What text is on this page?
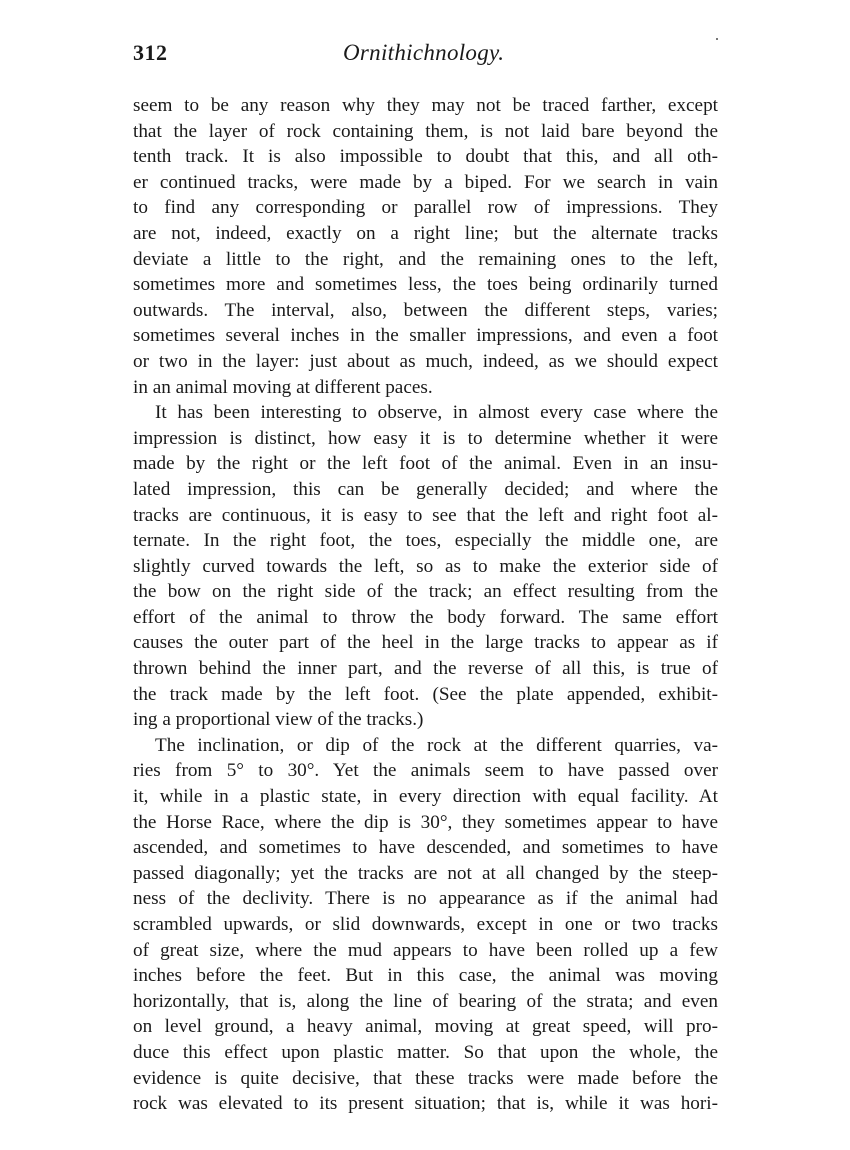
312	Ornithichnology.
seem to be any reason why they may not be traced farther, except
that the layer of rock containing them, is not laid bare beyond the
tenth track. It is also impossible to doubt that this, and all oth-
er continued tracks, were made by a biped. For we search in vain
to find any corresponding or parallel row of impressions. They
are not, indeed, exactly on a right line; but the alternate tracks
deviate a little to the right, and the remaining ones to the left,
sometimes more and sometimes less, the toes being ordinarily turned
outwards. The interval, also, between the different steps, varies;
sometimes several inches in the smaller impressions, and even a foot
or two in the layer: just about as much, indeed, as we should expect
in an animal moving at different paces.
It has been interesting to observe, in almost every case where the
impression is distinct, how easy it is to determine whether it were
made by the right or the left foot of the animal. Even in an insu-
lated impression, this can be generally decided; and where the
tracks are continuous, it is easy to see that the left and right foot al-
ternate. In the right foot, the toes, especially the middle one, are
slightly curved towards the left, so as to make the exterior side of
the bow on the right side of the track; an effect resulting from the
effort of the animal to throw the body forward. The same effort
causes the outer part of the heel in the large tracks to appear as if
thrown behind the inner part, and the reverse of all this, is true of
the track made by the left foot. (See the plate appended, exhibit-
ing a proportional view of the tracks.)
The inclination, or dip of the rock at the different quarries, va-
ries from 5° to 30°. Yet the animals seem to have passed over
it, while in a plastic state, in every direction with equal facility. At
the Horse Race, where the dip is 30°, they sometimes appear to have
ascended, and sometimes to have descended, and sometimes to have
passed diagonally; yet the tracks are not at all changed by the steep-
ness of the declivity. There is no appearance as if the animal had
scrambled upwards, or slid downwards, except in one or two tracks
of great size, where the mud appears to have been rolled up a few
inches before the feet. But in this case, the animal was moving
horizontally, that is, along the line of bearing of the strata; and even
on level ground, a heavy animal, moving at great speed, will pro-
duce this effect upon plastic matter. So that upon the whole, the
evidence is quite decisive, that these tracks were made before the
rock was elevated to its present situation; that is, while it was hori-
